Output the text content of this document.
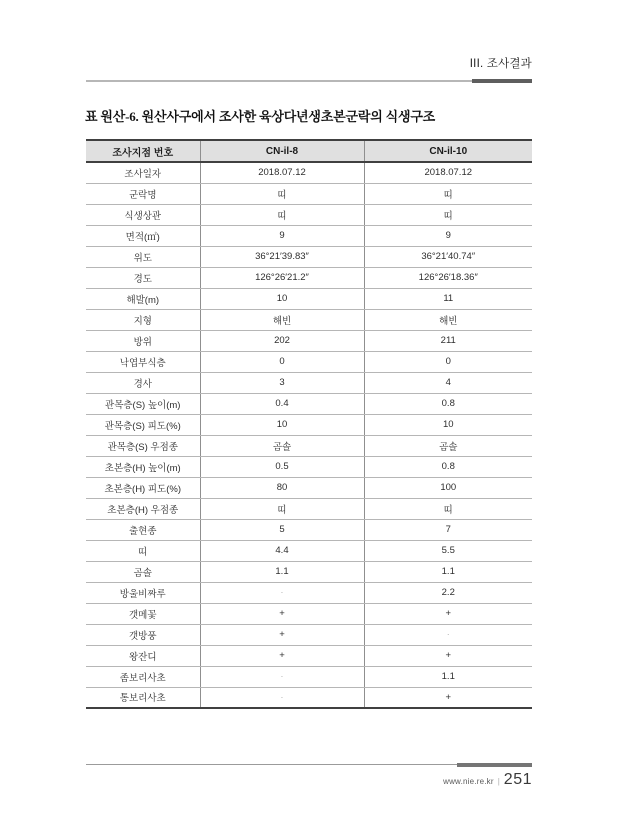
III. 조사결과
표 원산-6. 원산사구에서 조사한 육상다년생초본군락의 식생구조
조사지점 번호	CN-il-8	CN-il-10
조사일자	2018.07.12	2018.07.12
군락명	띠	띠
식생상관	띠	띠
면적(㎡)	9	9
위도	36°21′39.83″	36°21′40.74″
경도	126°26′21.2″	126°26′18.36″
해발(m)	10	11
지형	해빈	해빈
방위	202	211
낙엽부식층	0	0
경사	3	4
관목층(S) 높이(m)	0.4	0.8
관목층(S) 피도(%)	10	10
관목층(S) 우점종	곰솔	곰솔
초본층(H) 높이(m)	0.5	0.8
초본층(H) 피도(%)	80	100
초본층(H) 우점종	띠	띠
출현종	5	7
띠	4.4	5.5
곰솔	1.1	1.1
방울비짜루	·	2.2
갯메꽃	+	+
갯방풍	+	·
왕잔디	+	+
좀보리사초	·	1.1
통보리사초	·	+
www.nie.re.kr | 251
